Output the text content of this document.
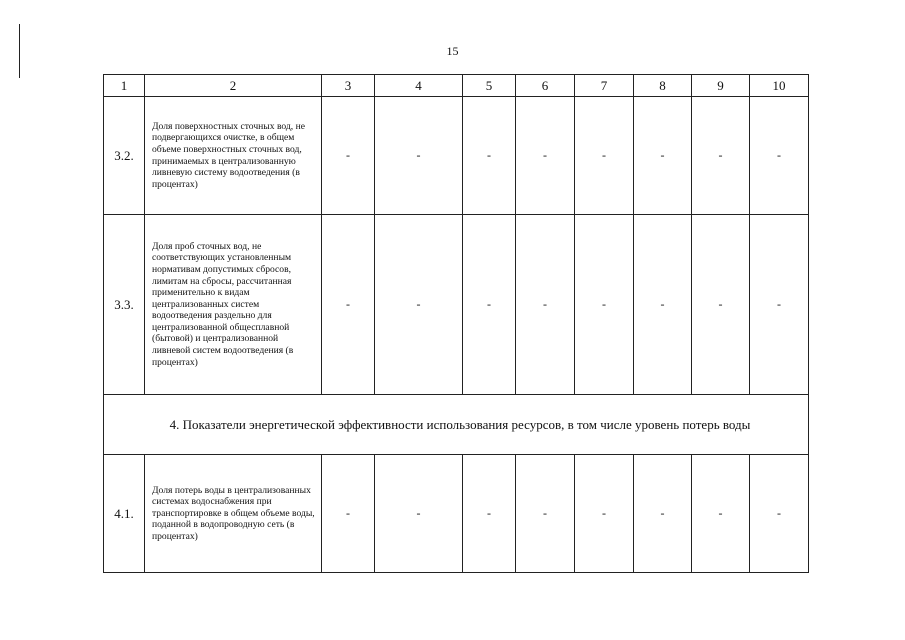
15
1	2	3	4	5	6	7	8	9	10
3.2.	Доля поверхностных сточных вод, не подвергающихся очистке, в общем объеме поверхностных сточных вод, принимаемых в централизованную ливневую систему водоотведения (в процентах)	-	-	-	-	-	-	-	-
3.3.	Доля проб сточных вод, не соответствующих установленным нормативам допустимых сбросов, лимитам на сбросы, рассчитанная применительно к видам централизованных систем водоотведения раздельно для централизованной общесплавной (бытовой) и централизованной ливневой систем водоотведения (в процентах)	-	-	-	-	-	-	-	-
4. Показатели энергетической эффективности использования ресурсов, в том числе уровень потерь воды									
4.1.	Доля потерь воды в централизованных системах водоснабжения при транспортировке в общем объеме воды, поданной в водопроводную сеть (в процентах)	-	-	-	-	-	-	-	-
